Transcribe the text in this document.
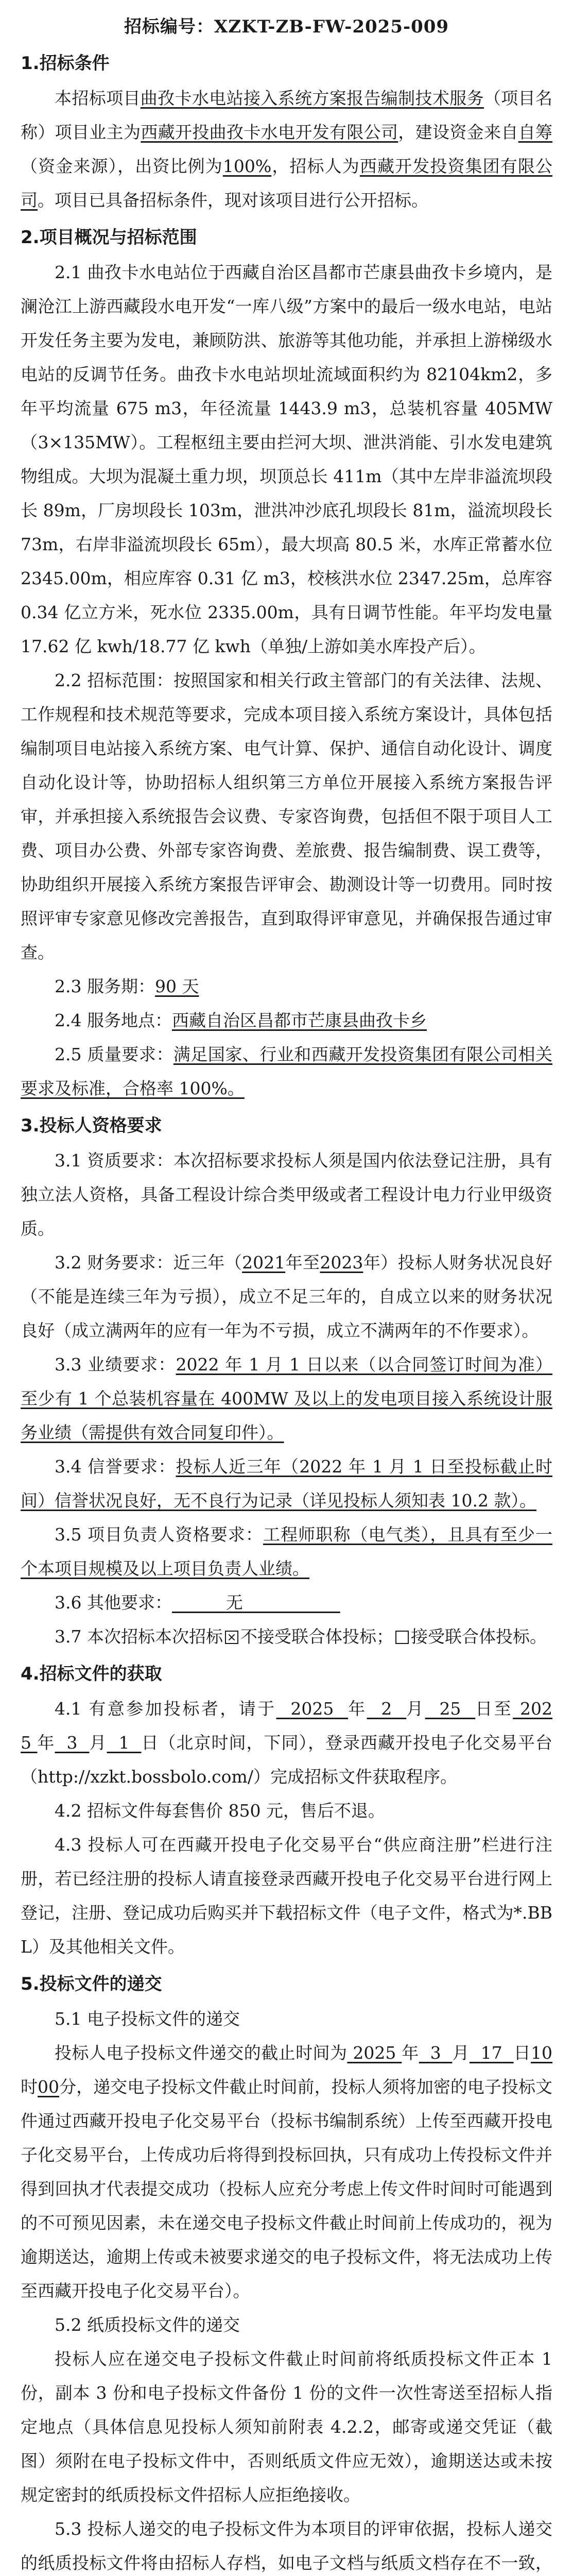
招标编号：XZKT-ZB-FW-2025-009
1.招标条件

本招标项目曲孜卡水电站接入系统方案报告编制技术服务（项目名称）项目业主为西藏开投曲孜卡水电开发有限公司，建设资金来自自筹（资金来源），出资比例为100%，招标人为西藏开发投资集团有限公司。项目已具备招标条件，现对该项目进行公开招标。

2.项目概况与招标范围

2.1 曲孜卡水电站位于西藏自治区昌都市芒康县曲孜卡乡境内，是澜沧江上游西藏段水电开发“一库八级”方案中的最后一级水电站，电站开发任务主要为发电，兼顾防洪、旅游等其他功能，并承担上游梯级水电站的反调节任务。曲孜卡水电站坝址流域面积约为 82104km2，多年平均流量 675 m3，年径流量 1443.9 m3，总装机容量 405MW（3×135MW）。工程枢纽主要由拦河大坝、泄洪消能、引水发电建筑物组成。大坝为混凝土重力坝，坝顶总长 411m（其中左岸非溢流坝段长 89m，厂房坝段长 103m，泄洪冲沙底孔坝段长 81m，溢流坝段长 73m，右岸非溢流坝段长 65m），最大坝高 80.5 米，水库正常蓄水位 2345.00m，相应库容 0.31 亿 m3，校核洪水位 2347.25m，总库容 0.34 亿立方米，死水位 2335.00m，具有日调节性能。年平均发电量 17.62 亿 kwh/18.77 亿 kwh（单独/上游如美水库投产后）。

2.2 招标范围：按照国家和相关行政主管部门的有关法律、法规、工作规程和技术规范等要求，完成本项目接入系统方案设计，具体包括编制项目电站接入系统方案、电气计算、保护、通信自动化设计、调度自动化设计等，协助招标人组织第三方单位开展接入系统方案报告评审，并承担接入系统报告会议费、专家咨询费，包括但不限于项目人工费、项目办公费、外部专家咨询费、差旅费、报告编制费、误工费等，协助组织开展接入系统方案报告评审会、勘测设计等一切费用。同时按照评审专家意见修改完善报告，直到取得评审意见，并确保报告通过审查。

2.3 服务期：90 天

2.4 服务地点：西藏自治区昌都市芒康县曲孜卡乡

2.5 质量要求：满足国家、行业和西藏开发投资集团有限公司相关要求及标准，合格率 100%。

3.投标人资格要求

3.1 资质要求：本次招标要求投标人须是国内依法登记注册，具有独立法人资格，具备工程设计综合类甲级或者工程设计电力行业甲级资质。

3.2 财务要求：近三年（2021年至2023年）投标人财务状况良好（不能是连续三年为亏损），成立不足三年的，自成立以来的财务状况良好（成立满两年的应有一年为不亏损，成立不满两年的不作要求）。

3.3 业绩要求：2022 年 1 月 1 日以来（以合同签订时间为准）至少有 1 个总装机容量在 400MW 及以上的发电项目接入系统设计服务业绩（需提供有效合同复印件）。

3.4 信誉要求：投标人近三年（2022 年 1 月 1 日至投标截止时间）信誉状况良好，无不良行为记录（详见投标人须知表 10.2 款）。

3.5 项目负责人资格要求：工程师职称（电气类），且具有至少一个本项目规模及以上项目负责人业绩。

3.6 其他要求：	无

3.7 本次招标本次招标 不接受联合体投标； 接受联合体投标。

4.招标文件的获取

4.1 有意参加投标者，请于 2025 年 2 月 25 日至 2025 年 3 月 1 日（北京时间，下同），登录西藏开投电子化交易平台（http://xzkt.bossbolo.com/）完成招标文件获取程序。

4.2 招标文件每套售价 850 元，售后不退。

4.3 投标人可在西藏开投电子化交易平台“供应商注册”栏进行注册，若已经注册的投标人请直接登录西藏开投电子化交易平台进行网上登记，注册、登记成功后购买并下载招标文件（电子文件，格式为*.BBL）及其他相关文件。

5.投标文件的递交
5.1 电子投标文件的递交

投标人电子投标文件递交的截止时间为 2025 年 3 月 17 日10时00分，递交电子投标文件截止时间前，投标人须将加密的电子投标文件通过西藏开投电子化交易平台（投标书编制系统）上传至西藏开投电子化交易平台，上传成功后将得到投标回执，只有成功上传投标文件并得到回执才代表提交成功（投标人应充分考虑上传文件时间时可能遇到的不可预见因素，未在递交电子投标文件截止时间前上传成功的，视为逾期送达，逾期上传或未被要求递交的电子投标文件，将无法成功上传至西藏开投电子化交易平台）。

5.2 纸质投标文件的递交

投标人应在递交电子投标文件截止时间前将纸质投标文件正本 1 份，副本 3 份和电子投标文件备份 1 份的文件一次性寄送至招标人指定地点（具体信息见投标人须知前附表 4.2.2，邮寄或递交凭证（截图）须附在电子投标文件中，否则纸质文件应无效），逾期送达或未按规定密封的纸质投标文件招标人应拒绝接收。

5.3 投标人递交的电子投标文件为本项目的评审依据，投标人递交的纸质投标文件将由招标人存档，如电子文档与纸质文档存在不一致，
